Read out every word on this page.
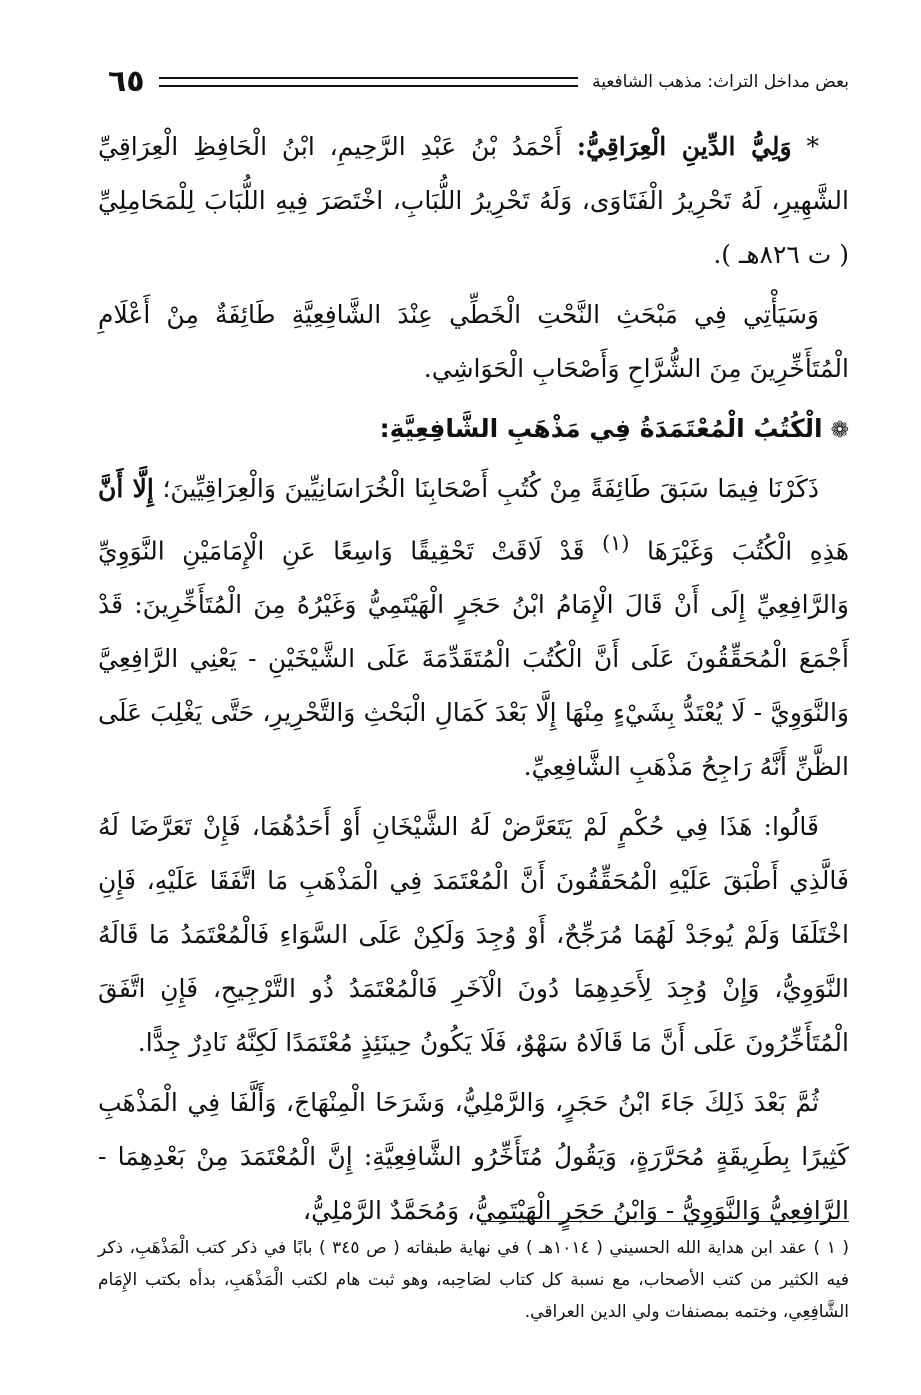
٦٥	بعض مداخل التراث: مذهب الشافعية

* وَلِيُّ الدِّينِ الْعِرَاقِيُّ: أَحْمَدُ بْنُ عَبْدِ الرَّحِيمِ، ابْنُ الْحَافِظِ الْعِرَاقِيِّ الشَّهِيرِ، لَهُ تَحْرِيرُ الْفَتَاوَى، وَلَهُ تَحْرِيرُ اللُّبَابِ، اخْتَصَرَ فِيهِ اللُّبَابَ لِلْمَحَامِلِيِّ ( ت ٨٢٦هـ ).

وَسَيَأْتِي فِي مَبْحَثِ النَّحْتِ الْخَطِّي عِنْدَ الشَّافِعِيَّةِ طَائِفَةٌ مِنْ أَعْلَامِ الْمُتَأَخِّرِينَ مِنَ الشُّرَّاحِ وَأَصْحَابِ الْحَوَاشِي.

❁الْكُتُبُ الْمُعْتَمَدَةُ فِي مَذْهَبِ الشَّافِعِيَّةِ:

ذَكَرْنَا فِيمَا سَبَقَ طَائِفَةً مِنْ كُتُبِ أَصْحَابِنَا الْخُرَاسَانِيِّينَ وَالْعِرَاقِيِّينَ؛ إِلَّا أَنَّ هَذِهِ الْكُتُبَ وَغَيْرَهَا $^{(١)}$ قَدْ لَاقَتْ تَحْقِيقًا وَاسِعًا عَنِ الْإِمَامَيْنِ النَّوَوِيِّ وَالرَّافِعِيِّ إِلَى أَنْ قَالَ الْإِمَامُ ابْنُ حَجَرٍ الْهَيْتَمِيُّ وَغَيْرُهُ مِنَ الْمُتَأَخِّرِينَ: قَدْ أَجْمَعَ الْمُحَقِّقُونَ عَلَى أَنَّ الْكُتُبَ الْمُتَقَدِّمَةَ عَلَى الشَّيْخَيْنِ - يَعْنِي الرَّافِعِيَّ وَالنَّوَوِيَّ - لَا يُعْتَدُّ بِشَيْءٍ مِنْهَا إِلَّا بَعْدَ كَمَالِ الْبَحْثِ وَالتَّحْرِيرِ، حَتَّى يَغْلِبَ عَلَى الظَّنِّ أَنَّهُ رَاجِحُ مَذْهَبِ الشَّافِعِيِّ.

قَالُوا: هَذَا فِي حُكْمٍ لَمْ يَتَعَرَّضْ لَهُ الشَّيْخَانِ أَوْ أَحَدُهُمَا، فَإِنْ تَعَرَّضَا لَهُ فَالَّذِي أَطْبَقَ عَلَيْهِ الْمُحَقِّقُونَ أَنَّ الْمُعْتَمَدَ فِي الْمَذْهَبِ مَا اتَّفَقَا عَلَيْهِ، فَإِنِ اخْتَلَفَا وَلَمْ يُوجَدْ لَهُمَا مُرَجِّحٌ، أَوْ وُجِدَ وَلَكِنْ عَلَى السَّوَاءِ فَالْمُعْتَمَدُ مَا قَالَهُ النَّوَوِيُّ، وَإِنْ وُجِدَ لِأَحَدِهِمَا دُونَ الْآخَرِ فَالْمُعْتَمَدُ ذُو التَّرْجِيحِ، فَإِنِ اتَّفَقَ الْمُتَأَخِّرُونَ عَلَى أَنَّ مَا قَالَاهُ سَهْوٌ، فَلَا يَكُونُ حِينَئِذٍ مُعْتَمَدًا لَكِنَّهُ نَادِرٌ جِدًّا.

ثُمَّ بَعْدَ ذَلِكَ جَاءَ ابْنُ حَجَرٍ، وَالرَّمْلِيُّ، وَشَرَحَا الْمِنْهَاجَ، وَأَلَّفَا فِي الْمَذْهَبِ كَثِيرًا بِطَرِيقَةٍ مُحَرَّرَةٍ، وَيَقُولُ مُتَأَخِّرُو الشَّافِعِيَّةِ: إِنَّ الْمُعْتَمَدَ مِنْ بَعْدِهِمَا - الرَّافِعِيُّ وَالنَّوَوِيُّ - وَابْنُ حَجَرٍ الْهَيْتَمِيُّ، وَمُحَمَّدٌ الرَّمْلِيُّ،

( ١ ) عقد ابن هداية الله الحسيني ( ١٠١٤هـ ) في نهاية طبقاته ( ص ٣٤٥ ) بابًا في ذكر كتب الْمَذْهَبِ، ذكر فيه الكثير من كتب الأصحاب، مع نسبة كل كتاب لصَاحِبه، وهو ثبت هام لكتب الْمَذْهَبِ، بدأه بكتب الإِمَام الشَّافِعِي، وختمه بمصنفات ولي الدين العراقي.
